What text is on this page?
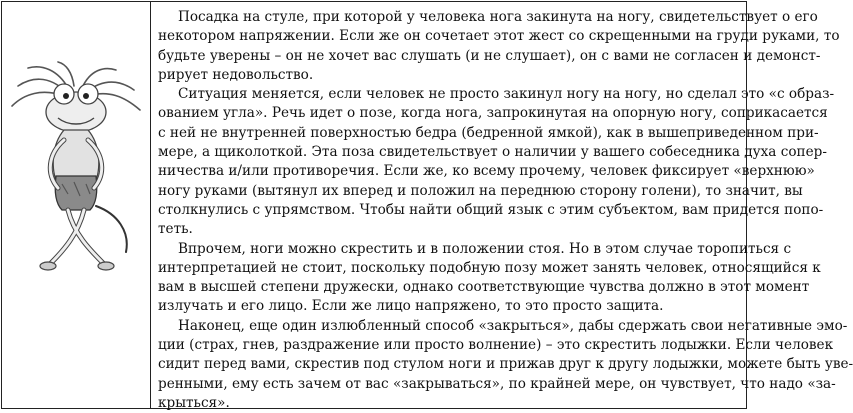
Посадка на стуле, при которой у человека нога закинута на ногу, свидетельствует о его
некотором напряжении. Если же он сочетает этот жест со скрещенными на груди руками, то
будьте уверены – он не хочет вас слушать (и не слушает), он с вами не согласен и демонст-
рирует недовольство.

Ситуация меняется, если человек не просто закинул ногу на ногу, но сделал это «с образ-
ованием угла». Речь идет о позе, когда нога, запрокинутая на опорную ногу, соприкасается
с ней не внутренней поверхностью бедра (бедренной ямкой), как в вышеприведенном при-
мере, а щиколоткой. Эта поза свидетельствует о наличии у вашего собеседника духа сопер-
ничества и/или противоречия. Если же, ко всему прочему, человек фиксирует «верхнюю»
ногу руками (вытянул их вперед и положил на переднюю сторону голени), то значит, вы
столкнулись с упрямством. Чтобы найти общий язык с этим субъектом, вам придется попо-
теть.

Впрочем, ноги можно скрестить и в положении стоя. Но в этом случае торопиться с
интерпретацией не стоит, поскольку подобную позу может занять человек, относящийся к
вам в высшей степени дружески, однако соответствующие чувства должно в этот момент
излучать и его лицо. Если же лицо напряжено, то это просто защита.

Наконец, еще один излюбленный способ «закрыться», дабы сдержать свои негативные эмо-
ции (страх, гнев, раздражение или просто волнение) – это скрестить лодыжки. Если человек
сидит перед вами, скрестив под стулом ноги и прижав друг к другу лодыжки, можете быть уве-
ренными, ему есть зачем от вас «закрываться», по крайней мере, он чувствует, что надо «за-
крыться».
